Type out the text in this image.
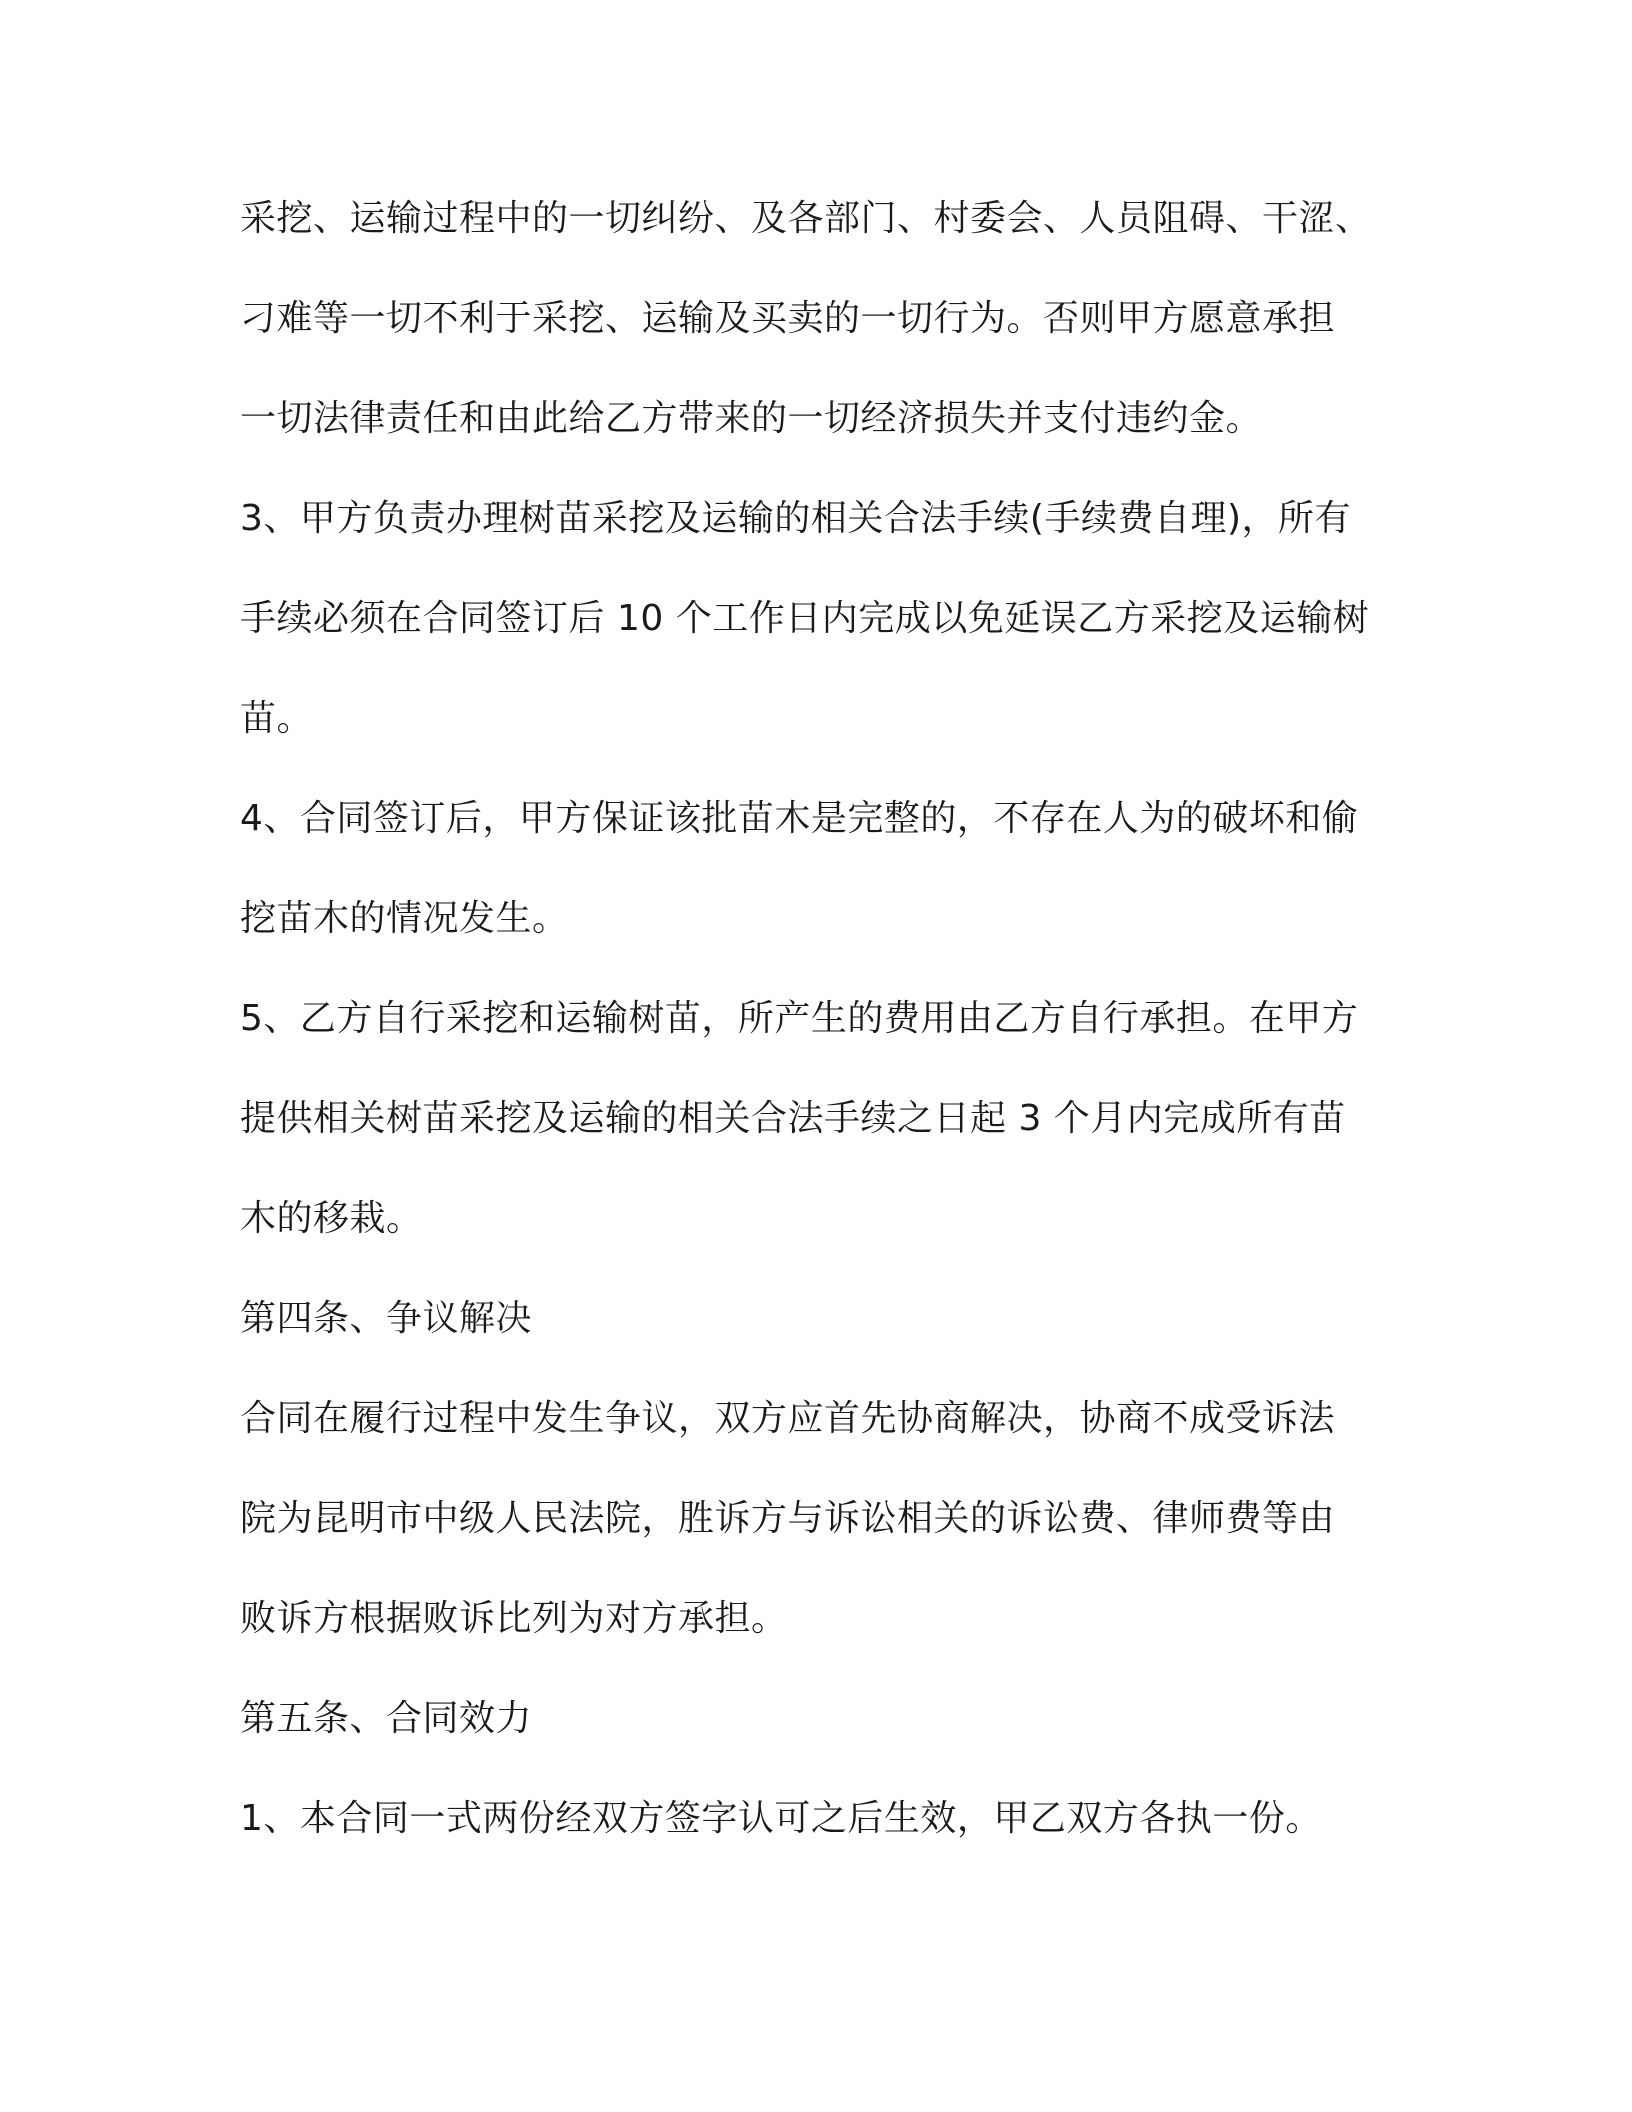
采挖、运输过程中的一切纠纷、及各部门、村委会、人员阻碍、干涩、

刁难等一切不利于采挖、运输及买卖的一切行为。否则甲方愿意承担

一切法律责任和由此给乙方带来的一切经济损失并支付违约金。

3、甲方负责办理树苗采挖及运输的相关合法手续(手续费自理)，所有

手续必须在合同签订后 10 个工作日内完成以免延误乙方采挖及运输树

苗。

4、合同签订后，甲方保证该批苗木是完整的，不存在人为的破坏和偷

挖苗木的情况发生。

5、乙方自行采挖和运输树苗，所产生的费用由乙方自行承担。在甲方

提供相关树苗采挖及运输的相关合法手续之日起 3 个月内完成所有苗

木的移栽。

第四条、争议解决

合同在履行过程中发生争议，双方应首先协商解决，协商不成受诉法

院为昆明市中级人民法院，胜诉方与诉讼相关的诉讼费、律师费等由

败诉方根据败诉比列为对方承担。

第五条、合同效力

1、本合同一式两份经双方签字认可之后生效，甲乙双方各执一份。
